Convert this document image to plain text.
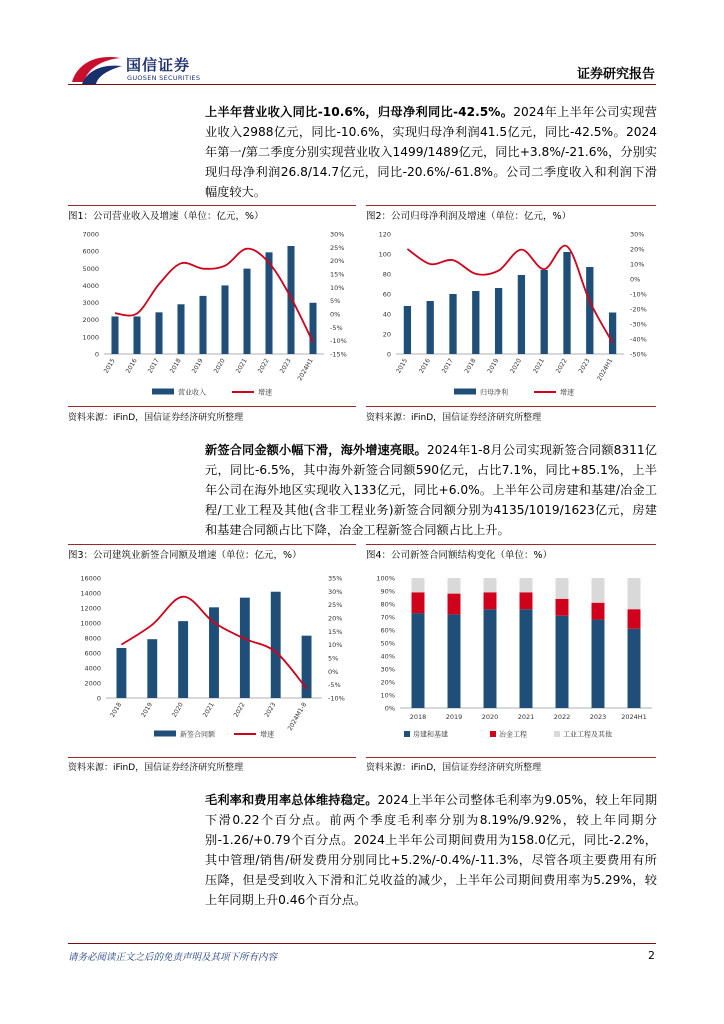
国信证券
GUOSEN SECURITIES	证券研究报告
上半年营业收入同比-10.6%，归母净利同比-42.5%。2024年上半年公司实现营业收入2988亿元，同比-10.6%，实现归母净利润41.5亿元，同比-42.5%。2024年第一/第二季度分别实现营业收入1499/1489亿元，同比+3.8%/-21.6%，分别实现归母净利润26.8/14.7亿元，同比-20.6%/-61.8%。公司二季度收入和利润下滑幅度较大。
图1：公司营业收入及增速（单位：亿元，%）
0
1000
2000
3000
4000
5000
6000
7000
-15%
-10%
-5%
0%
5%
10%
15%
20%
25%
30%
2015 2016 2017 2018 2019 2020 2021 2022 2023 2024H1
营业收入	增速
资料来源：iFinD，国信证券经济研究所整理
图2：公司归母净利润及增速（单位：亿元，%）
0
20
40
60
80
100
120
-50%
-40%
-30%
-20%
-10%
0%
10%
20%
30%
2015 2016 2017 2018 2019 2020 2021 2022 2023 2024H1
归母净利	增速
资料来源：iFinD，国信证券经济研究所整理
新签合同金额小幅下滑，海外增速亮眼。2024年1-8月公司实现新签合同额8311亿元，同比-6.5%，其中海外新签合同额590亿元，占比7.1%，同比+85.1%，上半年公司在海外地区实现收入133亿元，同比+6.0%。上半年公司房建和基建/冶金工程/工业工程及其他(含非工程业务)新签合同额分别为4135/1019/1623亿元，房建和基建合同额占比下降，冶金工程新签合同额占比上升。
图3：公司建筑业新签合同额及增速（单位：亿元，%）
0
2000
4000
6000
8000
10000
12000
14000
16000
-10%
-5%
0%
5%
10%
15%
20%
25%
30%
35%
2018	2019	2020	2021	2022	2023 2024M1-8
新签合同额	增速
资料来源：iFinD，国信证券经济研究所整理
图4：公司新签合同额结构变化（单位：%）
0%
10%
20%
30%
40%
50%
60%
70%
80%
90%
100%
2018	2019	2020	2021	2022	2023 2024H1
房建和基建	冶金工程	工业工程及其他
资料来源：iFinD，国信证券经济研究所整理
毛利率和费用率总体维持稳定。2024上半年公司整体毛利率为9.05%，较上年同期下滑0.22个百分点。前两个季度毛利率分别为8.19%/9.92%，较上年同期分别-1.26/+0.79个百分点。2024上半年公司期间费用为158.0亿元，同比-2.2%，其中管理/销售/研发费用分别同比+5.2%/-0.4%/-11.3%，尽管各项主要费用有所压降，但是受到收入下滑和汇兑收益的减少，上半年公司期间费用率为5.29%，较上年同期上升0.46个百分点。
请务必阅读正文之后的免责声明及其项下所有内容	2
